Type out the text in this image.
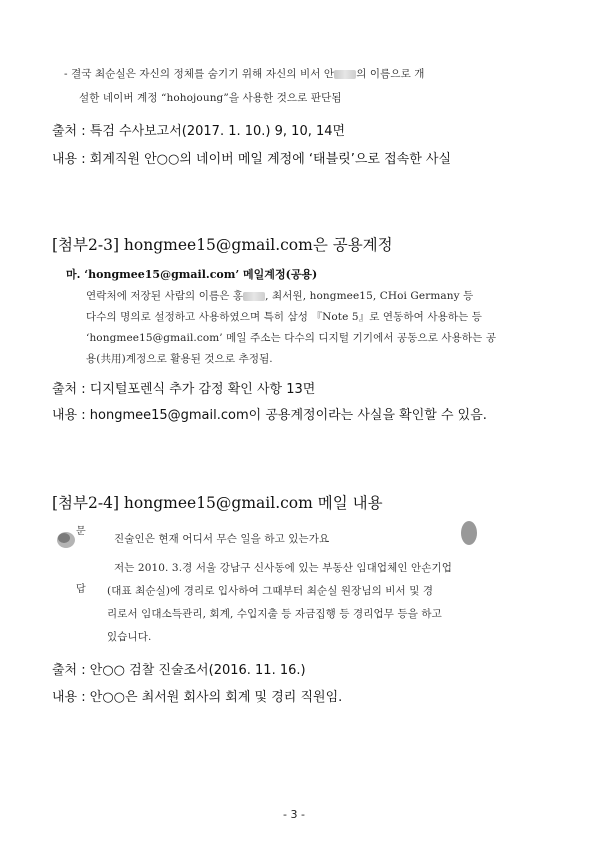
- 결국 최순실은 자신의 정체를 숨기기 위해 자신의 비서 안 의 이름으로 개
설한 네이버 계정 “hohojoung”을 사용한 것으로 판단됨
출처 : 특검 수사보고서(2017. 1. 10.) 9, 10, 14면
내용 : 회계직원 안○○의 네이버 메일 계정에 ‘태블릿’으로 접속한 사실
[첨부2-3] hongmee15@gmail.com은 공용계정
마. ‘hongmee15@gmail.com’ 메일계정(공용)
연락처에 저장된 사람의 이름은 홍 , 최서원, hongmee15, CHoi Germany 등
다수의 명의로 설정하고 사용하였으며 특히 삼성 『Note 5』로 연동하여 사용하는 등
‘hongmee15@gmail.com’ 메일 주소는 다수의 디지털 기기에서 공동으로 사용하는 공
용(共用)계정으로 활용된 것으로 추정됨.
출처 : 디지털포렌식 추가 감정 확인 사항 13면
내용 : hongmee15@gmail.com이 공용계정이라는 사실을 확인할 수 있음.
[첨부2-4] hongmee15@gmail.com 메일 내용
문
답
진술인은 현재 어디서 무슨 일을 하고 있는가요
저는 2010. 3.경 서울 강남구 신사동에 있는 부동산 임대업체인 안손기업
(대표 최순실)에 경리로 입사하여 그때부터 최순실 원장님의 비서 및 경
리로서 임대소득관리, 회계, 수입지출 등 자금집행 등 경리업무 등을 하고
있습니다.
출처 : 안○○ 검찰 진술조서(2016. 11. 16.)
내용 : 안○○은 최서원 회사의 회계 및 경리 직원임.
- 3 -
